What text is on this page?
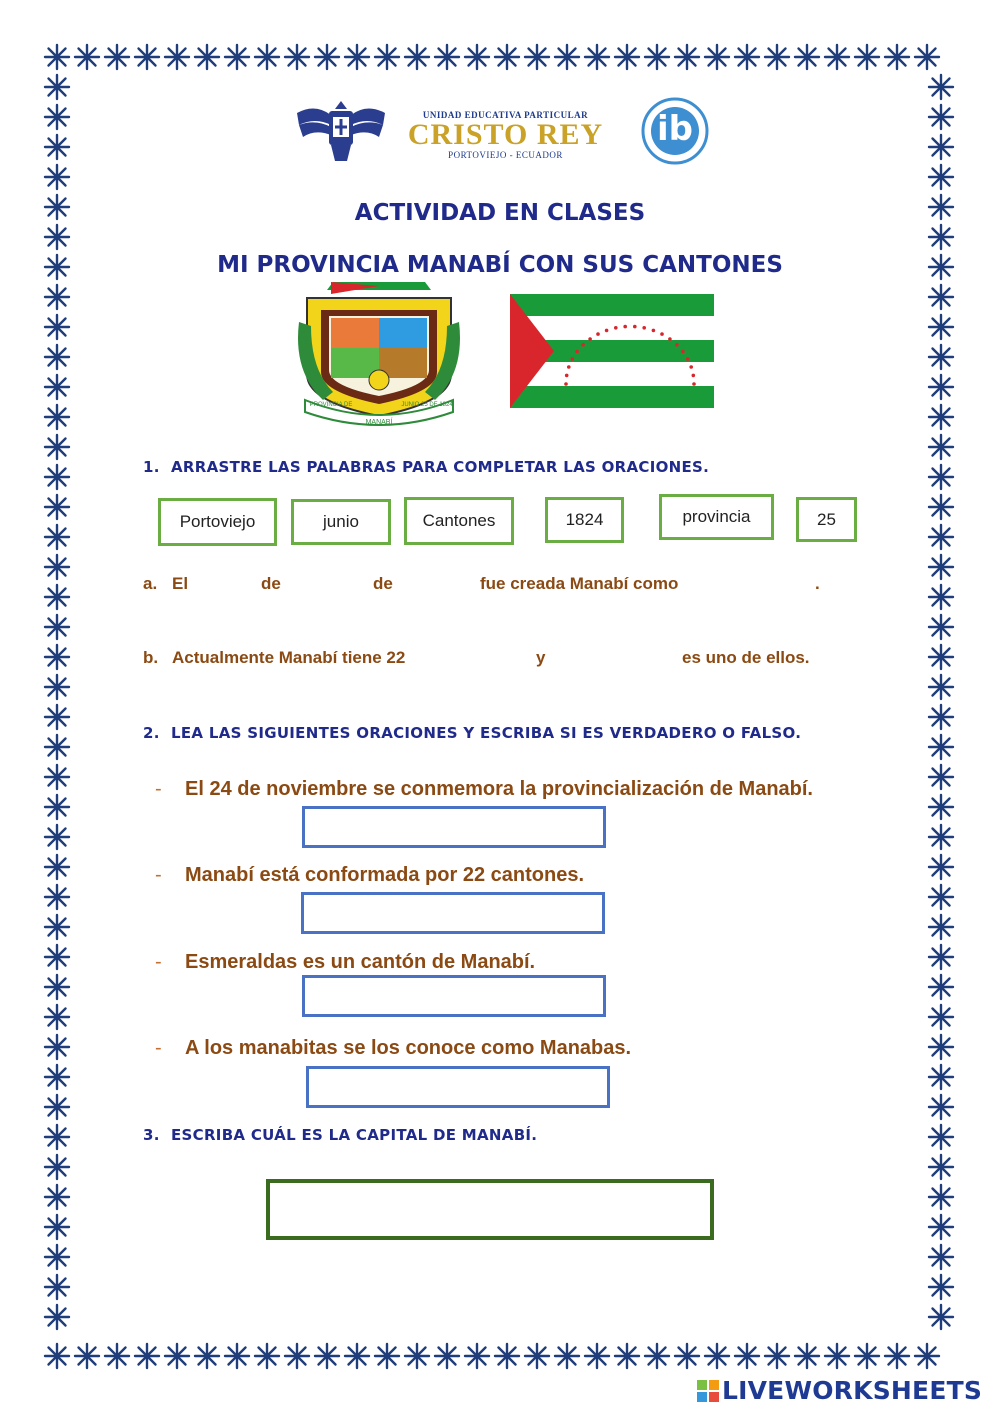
UNIDAD EDUCATIVA PARTICULAR
CRISTO REY
PORTOVIEJO - ECUADOR
ib
ACTIVIDAD EN CLASES
MI PROVINCIA MANABÍ CON SUS CANTONES
PROVINCIA DE	JUNIO 25 DE 1824
MANABÍ
1. ARRASTRE LAS PALABRAS PARA COMPLETAR LAS ORACIONES.
Portoviejo	junio	Cantones	1824	provincia	25
a. El	de	de	fue creada Manabí como	.
b. Actualmente Manabí tiene 22	y	es uno de ellos.
2. LEA LAS SIGUIENTES ORACIONES Y ESCRIBA SI ES VERDADERO O FALSO.
- El 24 de noviembre se conmemora la provincialización de Manabí.
- Manabí está conformada por 22 cantones.
- Esmeraldas es un cantón de Manabí.
- A los manabitas se los conoce como Manabas.
3. ESCRIBA CUÁL ES LA CAPITAL DE MANABÍ.
LIVEWORKSHEETS
